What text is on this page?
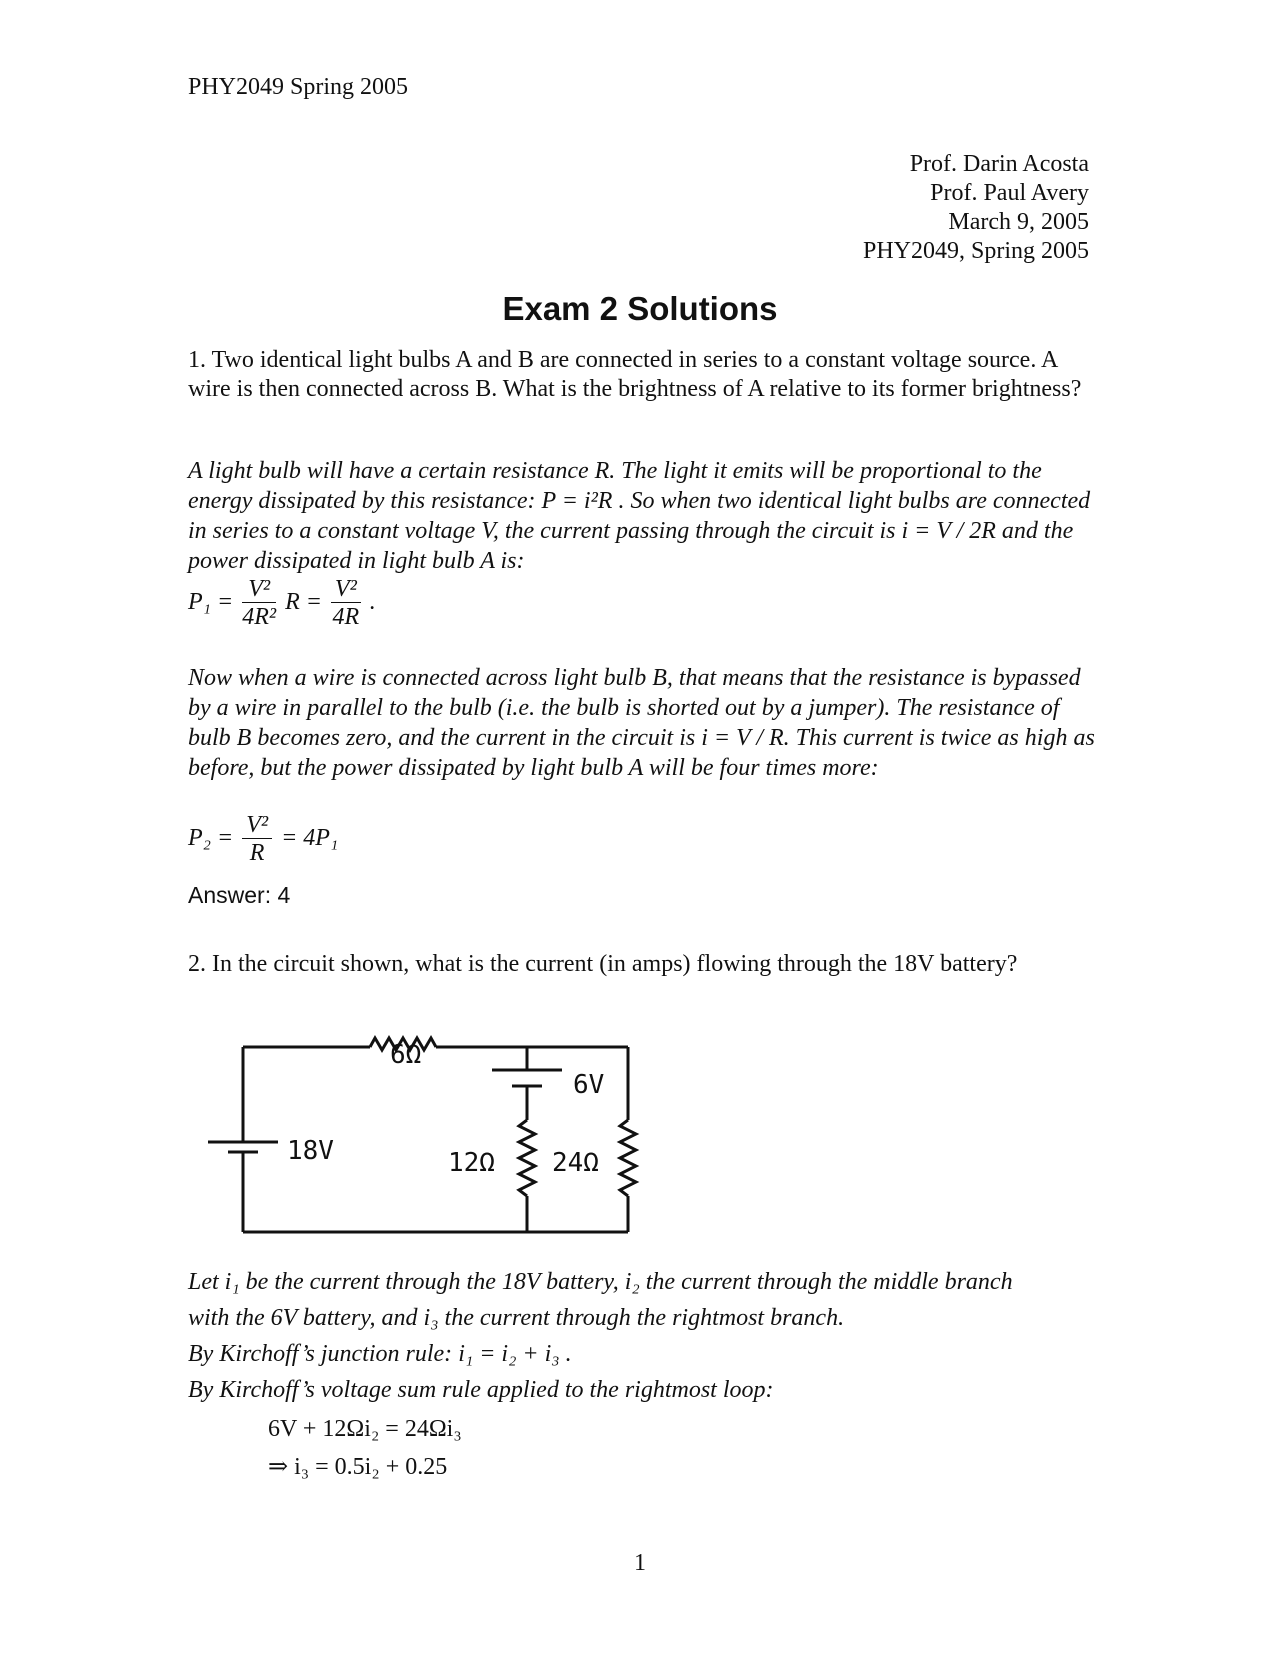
PHY2049 Spring 2005
Prof. Darin Acosta
Prof. Paul Avery
March 9, 2005
PHY2049, Spring 2005
Exam 2 Solutions
1. Two identical light bulbs A and B are connected in series to a constant voltage source. A wire is then connected across B. What is the brightness of A relative to its former brightness?
A light bulb will have a certain resistance R. The light it emits will be proportional to the energy dissipated by this resistance: P = i²R . So when two identical light bulbs are connected in series to a constant voltage V, the current passing through the circuit is i = V / 2R and the power dissipated in light bulb A is:
$P_1 = \frac{\text{V²}}{\text{4R²}}$ $R = \frac{\text{V²}}{4R}$ .
Now when a wire is connected across light bulb B, that means that the resistance is bypassed by a wire in parallel to the bulb (i.e. the bulb is shorted out by a jumper). The resistance of bulb B becomes zero, and the current in the circuit is i = V / R. This current is twice as high as before, but the power dissipated by light bulb A will be four times more:
$P_2 = \frac{\text{V²}}{R} = 4P_1$
Answer: 4
2. In the circuit shown, what is the current (in amps) flowing through the 18V battery?
6Ω
6V
18V	12Ω 24Ω
Let i₁ be the current through the 18V battery, i₂ the current through the middle branch
with the 6V battery, and i₃ the current through the rightmost branch.
By Kirchoff’s junction rule: i₁ = i₂ + i₃ .
By Kirchoff’s voltage sum rule applied to the rightmost loop:
6V + 12Ωi₂ = 24Ωi₃
⇒ i₃ = 0.5i₂ + 0.25
1
